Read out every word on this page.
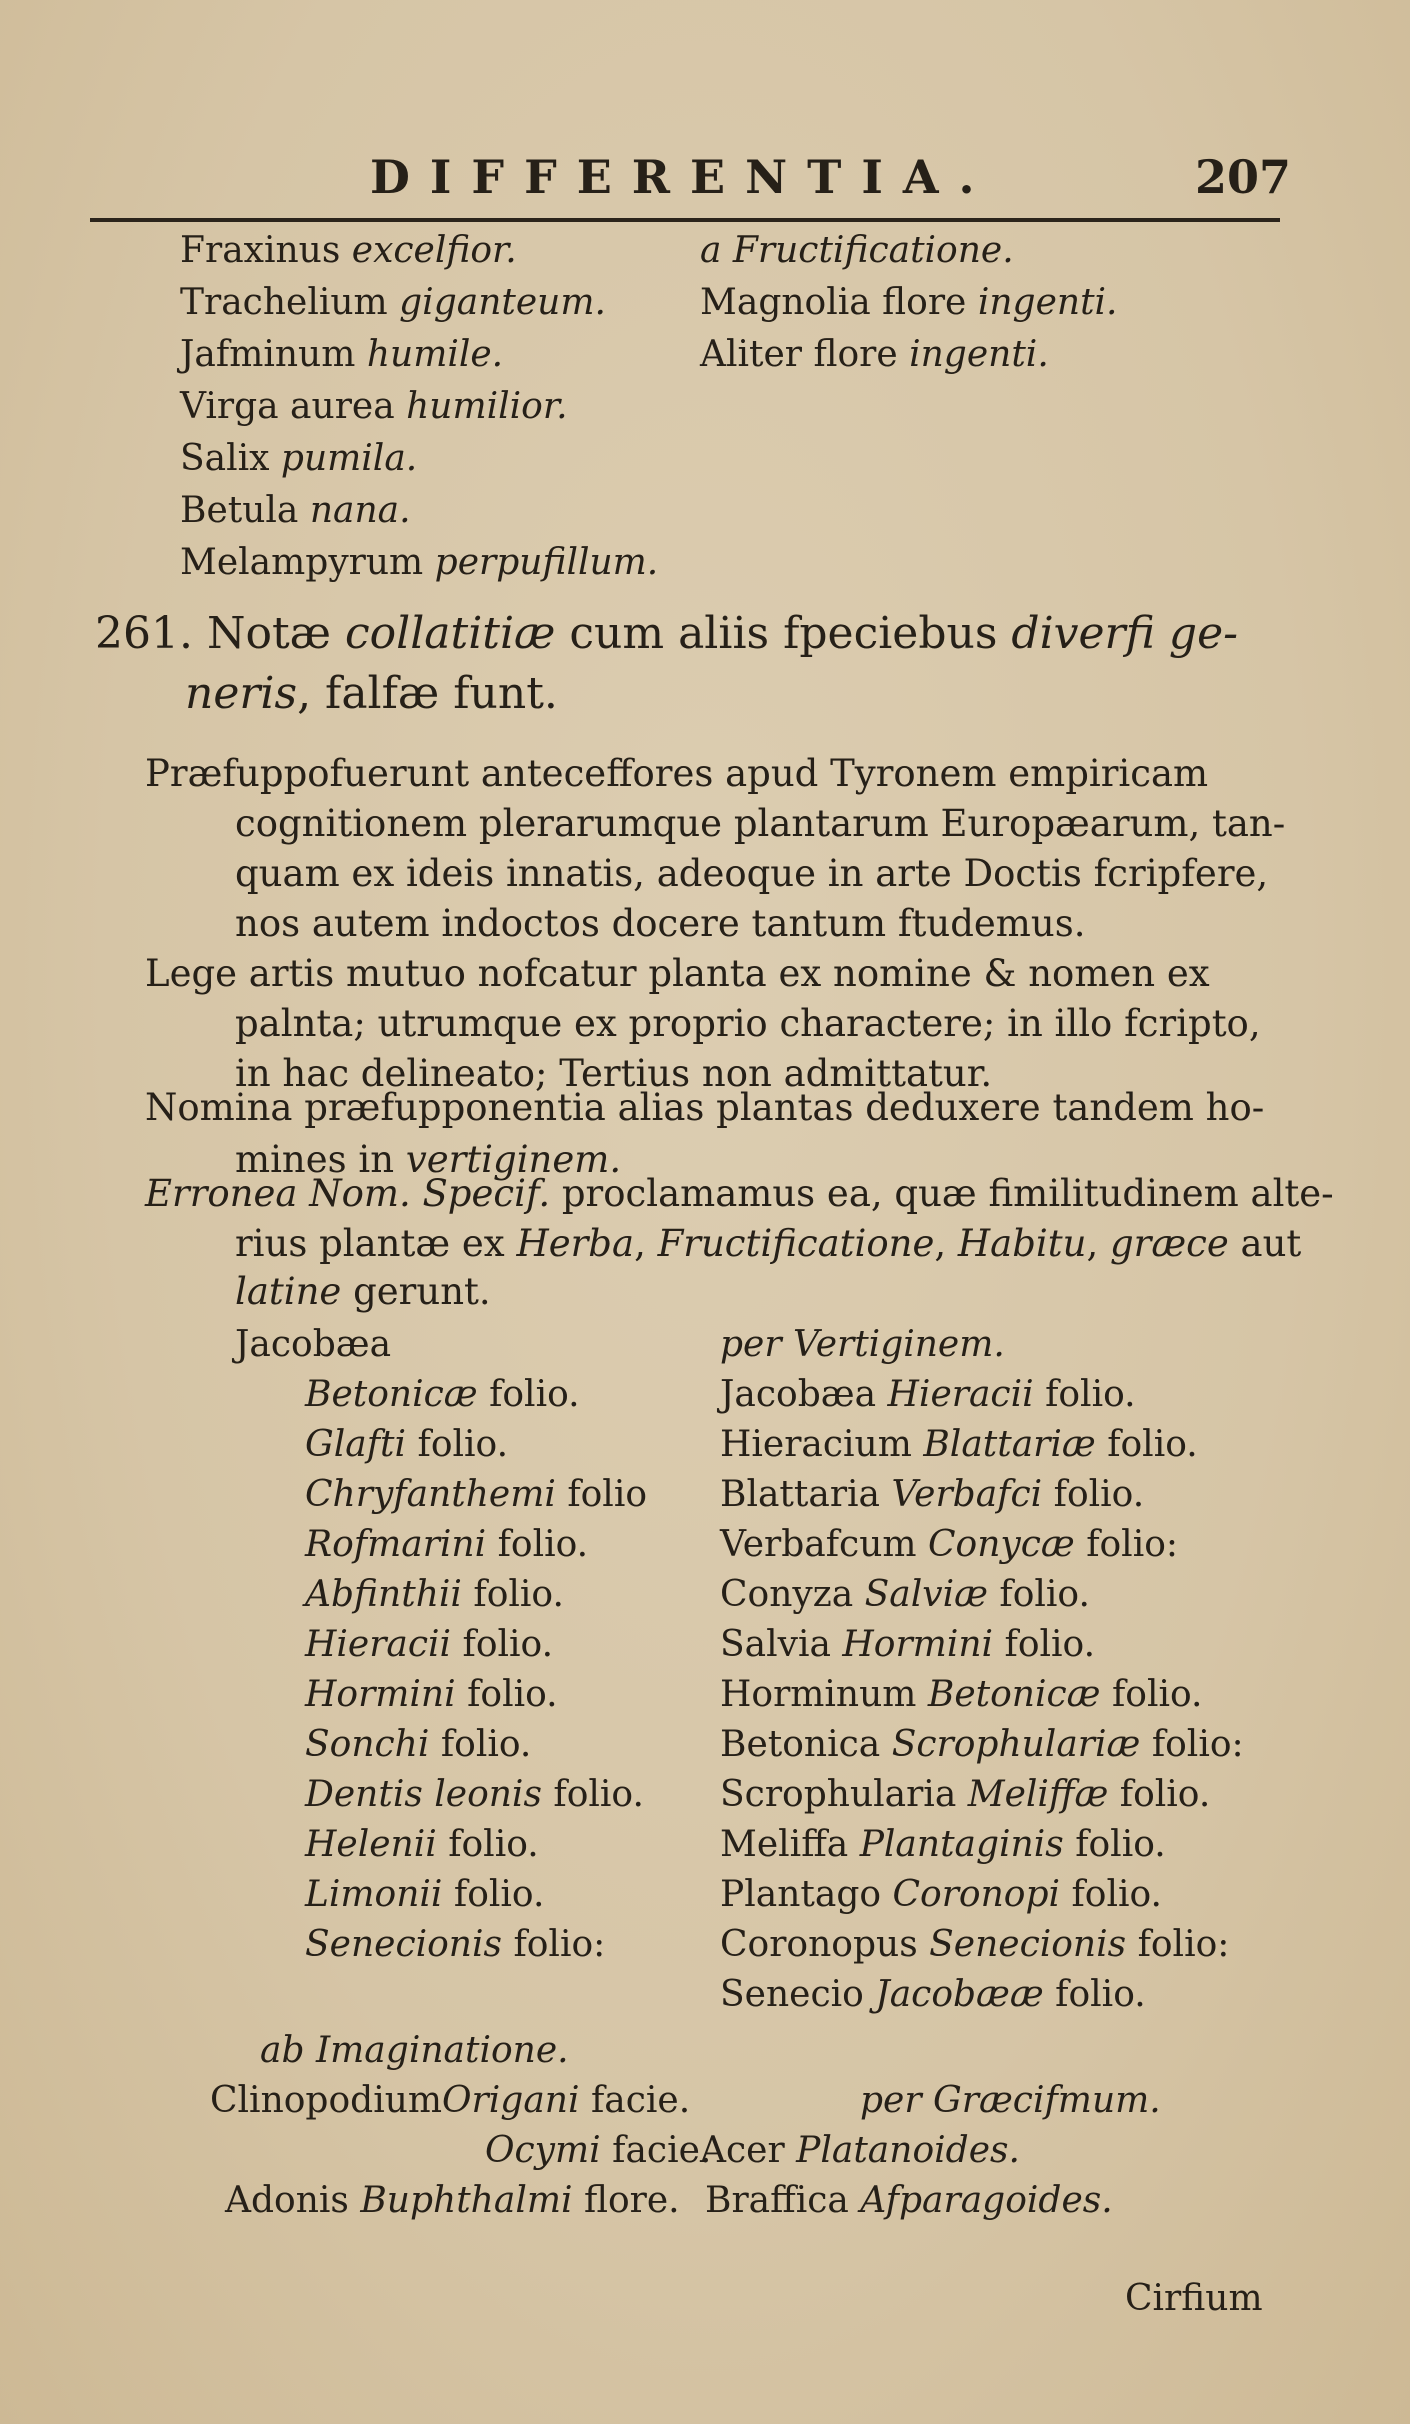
DIFFERENTIA.	207
Fraxinus excelfior.
Trachelium giganteum.
Jafminum humile.
Virga aurea humilior.
Salix pumila.
Betula nana.
Melampyrum perpufillum.
a Fructificatione.
Magnolia flore ingenti.
Aliter flore ingenti.
261. Notæ collatitiæ cum aliis fpeciebus diverfi ge-
neris, falfæ funt.
Præfuppofuerunt anteceffores apud Tyronem empiricam
cognitionem plerarumque plantarum Europæarum, tan-
quam ex ideis innatis, adeoque in arte Doctis fcripfere,
nos autem indoctos docere tantum ftudemus.
Lege artis mutuo nofcatur planta ex nomine & nomen ex
palnta; utrumque ex proprio charactere; in illo fcripto,
in hac delineato; Tertius non admittatur.
Nomina præfupponentia alias plantas deduxere tandem ho-
mines in vertiginem.
Erronea Nom. Specif. proclamamus ea, quæ fimilitudinem alte-
rius plantæ ex Herba, Fructificatione, Habitu, græce aut
latine gerunt.
Jacobæa	per Vertiginem.
Betonicæ folio.
Glafti folio.
Chryfanthemi folio
Rofmarini folio.
Abfinthii folio.
Hieracii folio.
Hormini folio.
Sonchi folio.
Dentis leonis folio.
Helenii folio.
Limonii folio.
Senecionis folio:
Jacobæa Hieracii folio.
Hieracium Blattariæ folio.
Blattaria Verbafci folio.
Verbafcum Conycæ folio:
Conyza Salviæ folio.
Salvia Hormini folio.
Horminum Betonicæ folio.
Betonica Scrophulariæ folio:
Scrophularia Meliffæ folio.
Meliffa Plantaginis folio.
Plantago Coronopi folio.
Coronopus Senecionis folio:
Senecio Jacobææ folio.
ab Imaginatione.
ClinopodiumOrigani facie.
Ocymi facie.
Adonis Buphthalmi flore.
per Græcifmum.
Acer Platanoides.
Braffica Afparagoides.
Cirfium
